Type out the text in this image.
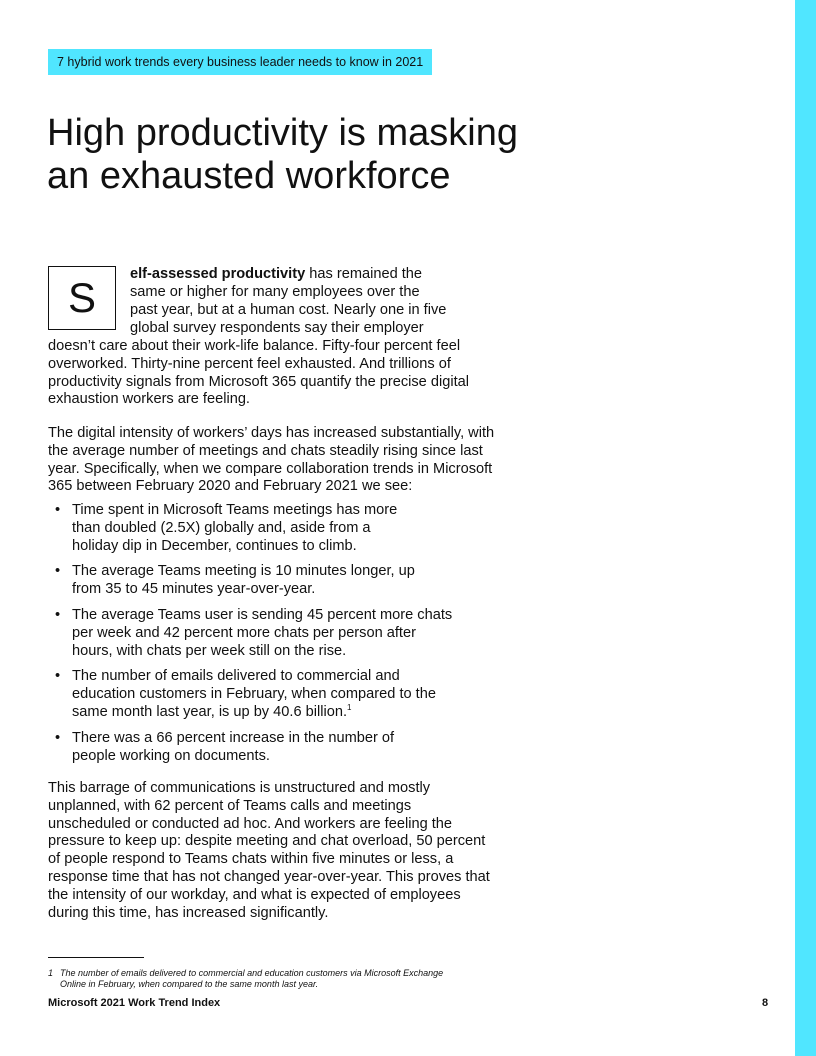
7 hybrid work trends every business leader needs to know in 2021
High productivity is masking an exhausted workforce
S	elf-assessed productivity has remained the
same or higher for many employees over the
past year, but at a human cost. Nearly one in five
global survey respondents say their employer

doesn’t care about their work-life balance. Fifty-four percent feel overworked. Thirty-nine percent feel exhausted. And trillions of productivity signals from Microsoft 365 quantify the precise digital exhaustion workers are feeling.

The digital intensity of workers’ days has increased substantially, with the average number of meetings and chats steadily rising since last year. Specifically, when we compare collaboration trends in Microsoft 365 between February 2020 and February 2021 we see:

• Time spent in Microsoft Teams meetings has more than doubled (2.5X) globally and, aside from a holiday dip in December, continues to climb.
• The average Teams meeting is 10 minutes longer, up from 35 to 45 minutes year-over-year.
• The average Teams user is sending 45 percent more chats per week and 42 percent more chats per person after hours, with chats per week still on the rise.
• The number of emails delivered to commercial and education customers in February, when compared to the same month last year, is up by 40.6 billion.$^1$
• There was a 66 percent increase in the number of people working on documents.

This barrage of communications is unstructured and mostly unplanned, with 62 percent of Teams calls and meetings unscheduled or conducted ad hoc. And workers are feeling the pressure to keep up: despite meeting and chat overload, 50 percent of people respond to Teams chats within five minutes or less, a response time that has not changed year-over-year. This proves that the intensity of our workday, and what is expected of employees during this time, has increased significantly.

1 The number of emails delivered to commercial and education customers via Microsoft Exchange Online in February, when compared to the same month last year.
Microsoft 2021 Work Trend Index	8
